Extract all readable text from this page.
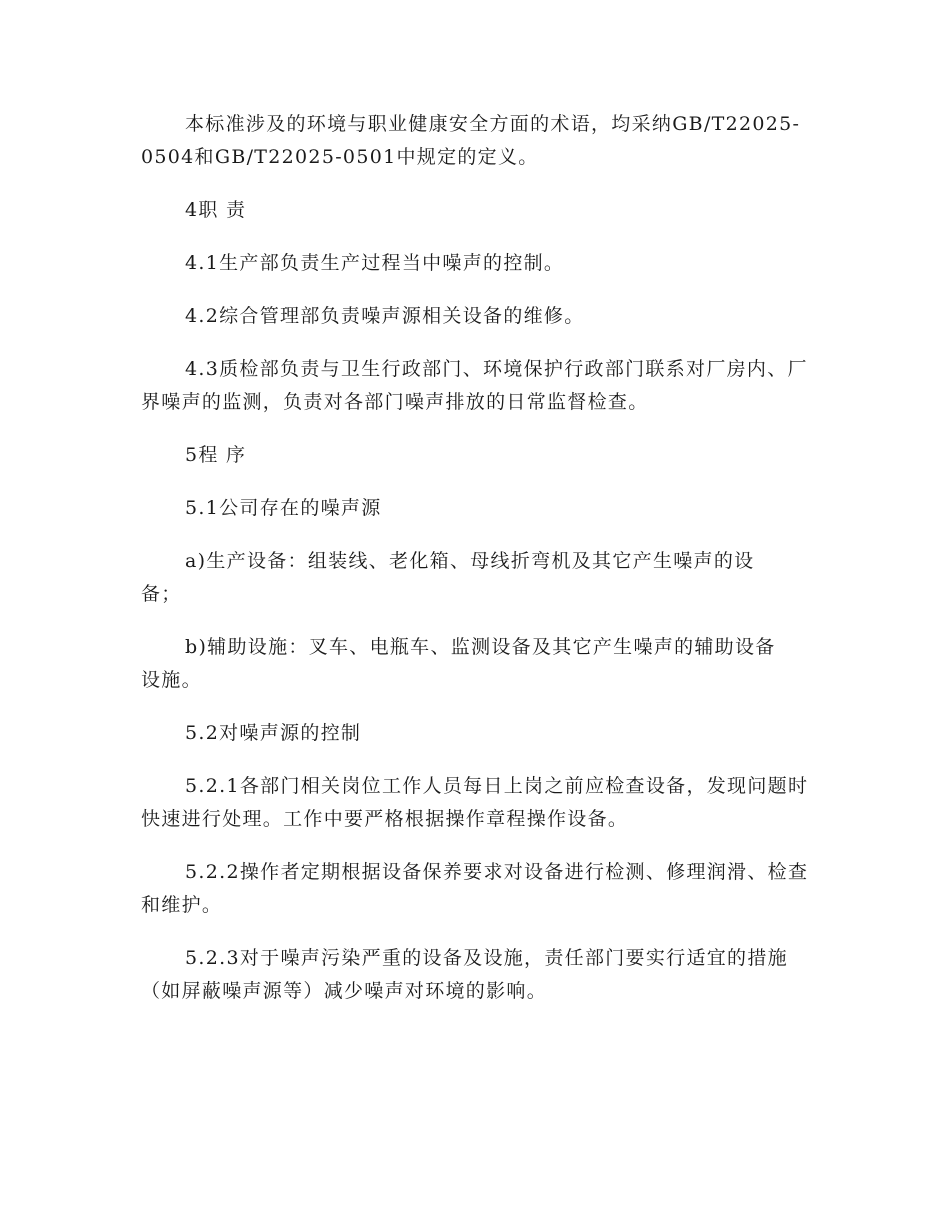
本标准涉及的环境与职业健康安全方面的术语，均采纳GB/T22025-0504和GB/T22025-0501中规定的定义。

4职 责

4.1生产部负责生产过程当中噪声的控制。

4.2综合管理部负责噪声源相关设备的维修。

4.3质检部负责与卫生行政部门、环境保护行政部门联系对厂房内、厂界噪声的监测，负责对各部门噪声排放的日常监督检查。

5程 序

5.1公司存在的噪声源

a)生产设备：组装线、老化箱、母线折弯机及其它产生噪声的设备；

b)辅助设施：叉车、电瓶车、监测设备及其它产生噪声的辅助设备设施。

5.2对噪声源的控制

5.2.1各部门相关岗位工作人员每日上岗之前应检查设备，发现问题时快速进行处理。工作中要严格根据操作章程操作设备。

5.2.2操作者定期根据设备保养要求对设备进行检测、修理润滑、检查和维护。

5.2.3对于噪声污染严重的设备及设施，责任部门要实行适宜的措施（如屏蔽噪声源等）减少噪声对环境的影响。
